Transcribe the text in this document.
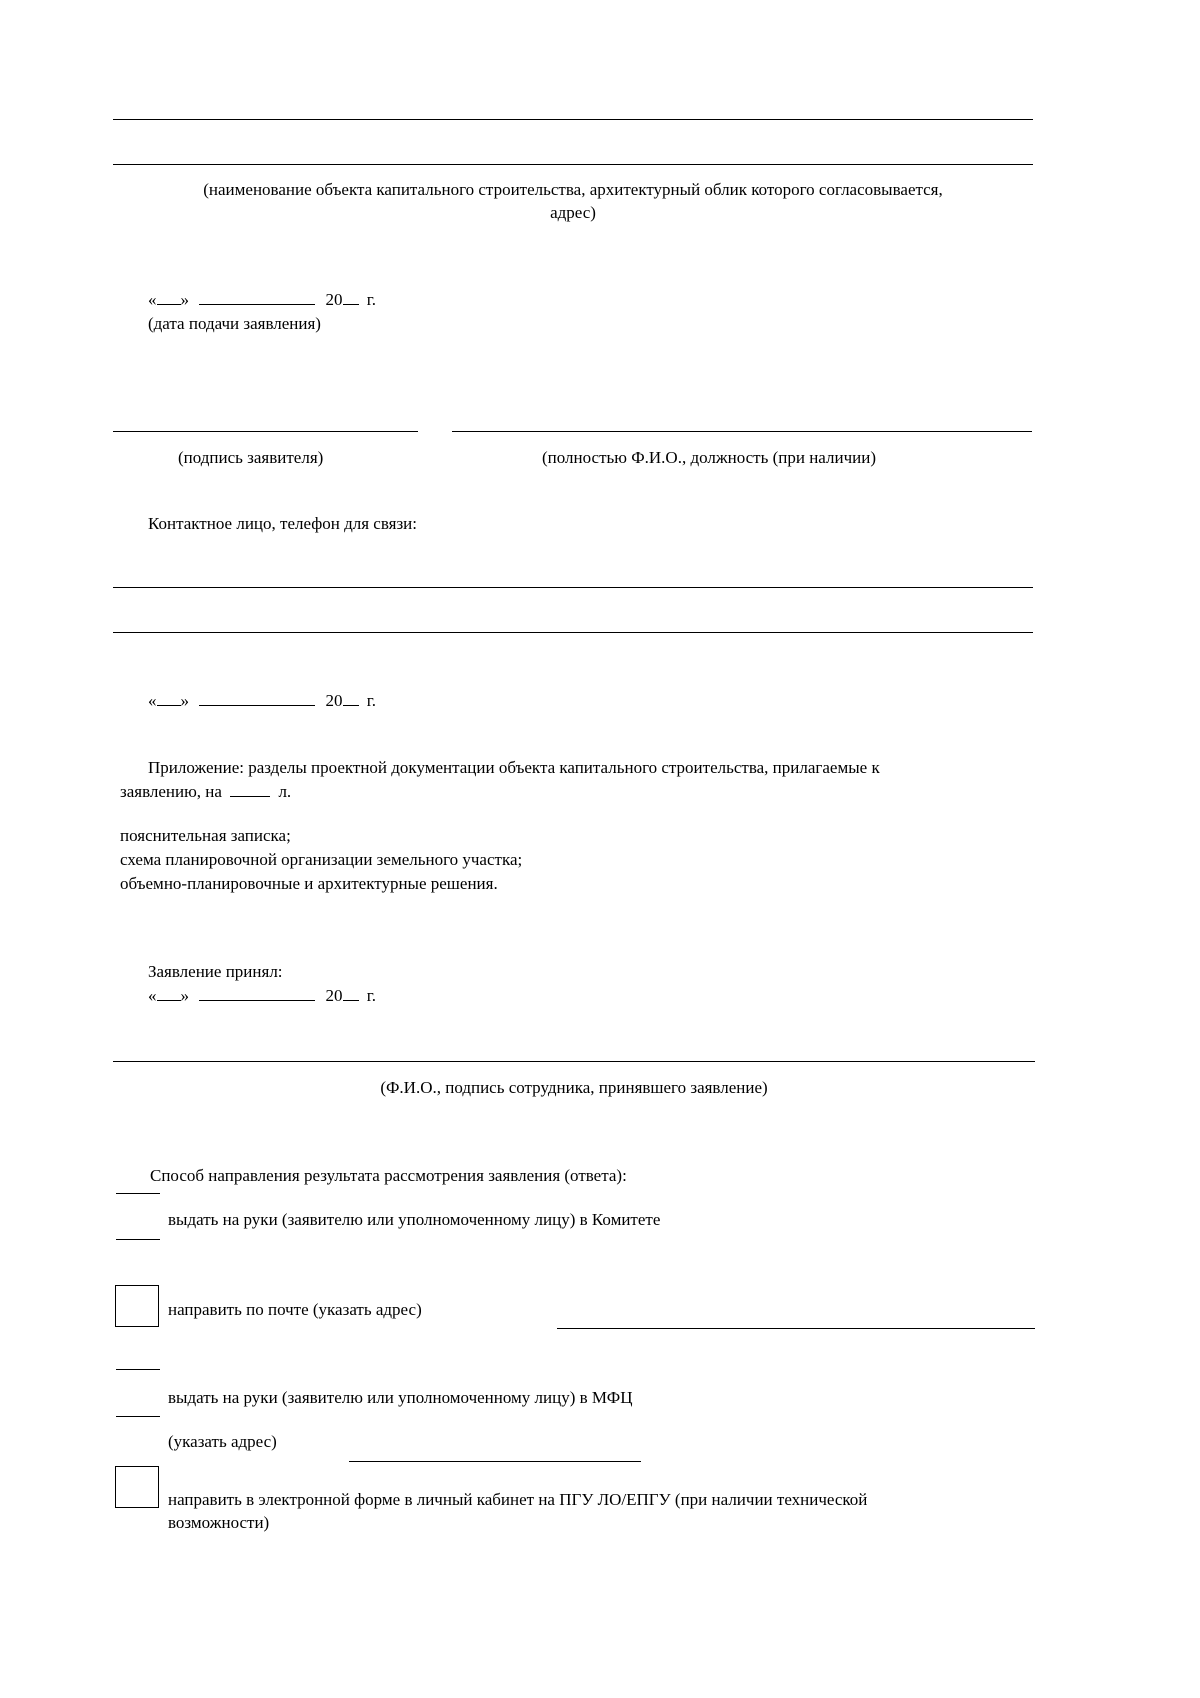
(наименование объекта капитального строительства, архитектурный облик которого согласовывается,
адрес)
« »	20 г.
(дата подачи заявления)
(подпись заявителя)	(полностью Ф.И.О., должность (при наличии)
Контактное лицо, телефон для связи:
« »	20 г.
Приложение: разделы проектной документации объекта капитального строительства, прилагаемые к
заявлению, на	л.
пояснительная записка;
схема планировочной организации земельного участка;
объемно-планировочные и архитектурные решения.
Заявление принял:
« »	20 г.
(Ф.И.О., подпись сотрудника, принявшего заявление)
Способ направления результата рассмотрения заявления (ответа):
выдать на руки (заявителю или уполномоченному лицу) в Комитете
направить по почте (указать адрес)
выдать на руки (заявителю или уполномоченному лицу) в МФЦ
(указать адрес)
направить в электронной форме в личный кабинет на ПГУ ЛО/ЕПГУ (при наличии технической
возможности)
